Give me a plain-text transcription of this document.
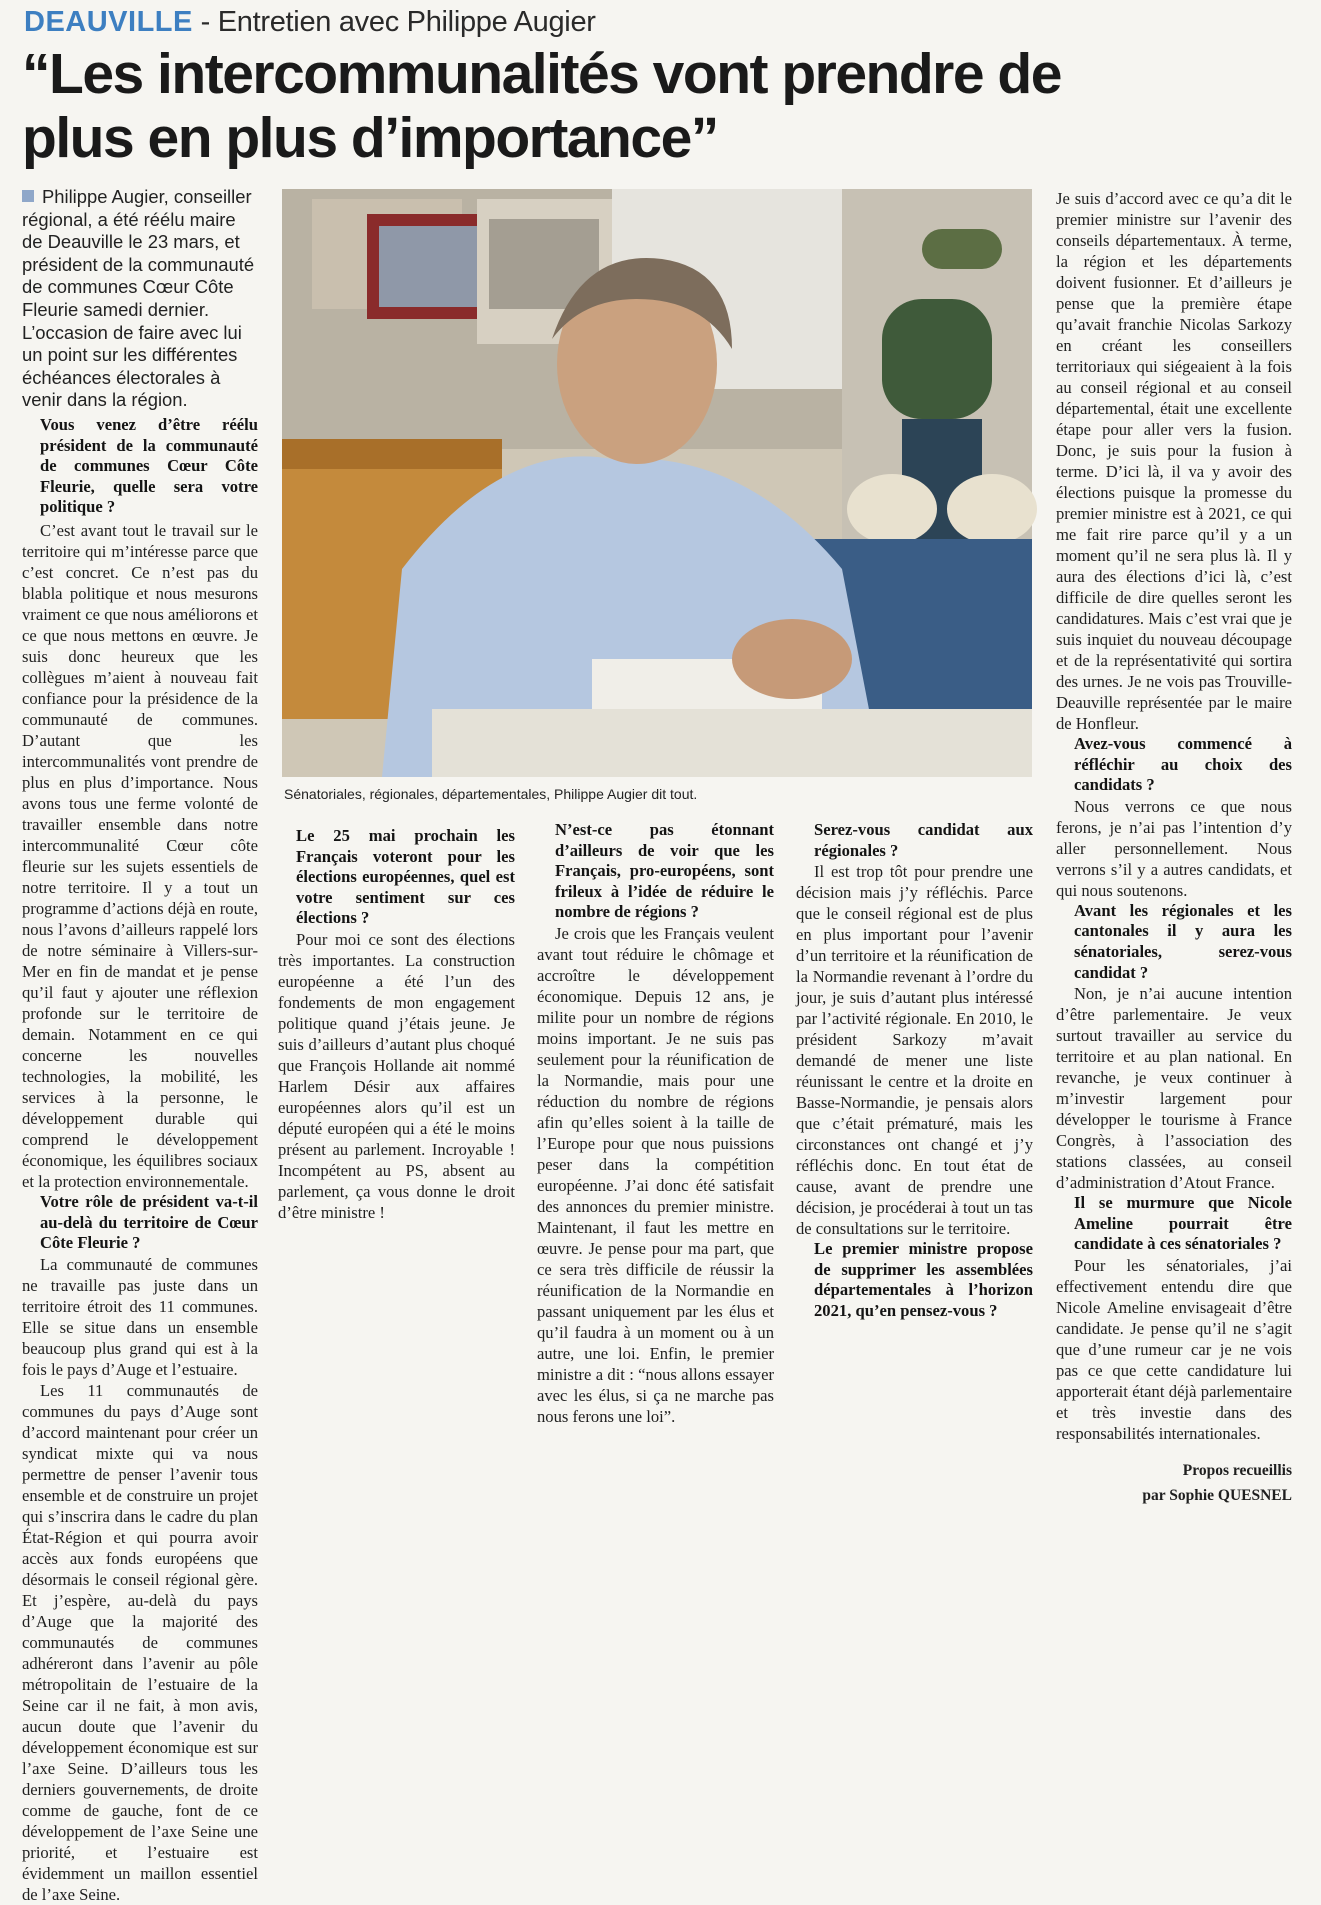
DEAUVILLE - Entretien avec Philippe Augier
“Les intercommunalités vont prendre de plus en plus d’importance”
Sénatoriales, régionales, départementales, Philippe Augier dit tout.

Philippe Augier, conseiller régional, a été réélu maire de Deauville le 23 mars, et président de la communauté de communes Cœur Côte Fleurie samedi dernier. L’occasion de faire avec lui un point sur les différentes échéances électorales à venir dans la région.

Vous venez d’être réélu président de la communauté de communes Cœur Côte Fleurie, quelle sera votre politique ?

C’est avant tout le travail sur le territoire qui m’intéresse parce que c’est concret. Ce n’est pas du blabla politique et nous mesurons vraiment ce que nous améliorons et ce que nous mettons en œuvre. Je suis donc heureux que les collègues m’aient à nouveau fait confiance pour la présidence de la communauté de communes. D’autant que les intercommunalités vont prendre de plus en plus d’importance. Nous avons tous une ferme volonté de travailler ensemble dans notre intercommunalité Cœur côte fleurie sur les sujets essentiels de notre territoire. Il y a tout un programme d’actions déjà en route, nous l’avons d’ailleurs rappelé lors de notre séminaire à Villers-sur-Mer en fin de mandat et je pense qu’il faut y ajouter une réflexion profonde sur le territoire de demain. Notamment en ce qui concerne les nouvelles technologies, la mobilité, les services à la personne, le développement durable qui comprend le développement économique, les équilibres sociaux et la protection environnementale.

Votre rôle de président va-t-il au-delà du territoire de Cœur Côte Fleurie ?

La communauté de communes ne travaille pas juste dans un territoire étroit des 11 communes. Elle se situe dans un ensemble beaucoup plus grand qui est à la fois le pays d’Auge et l’estuaire.

Les 11 communautés de communes du pays d’Auge sont d’accord maintenant pour créer un syndicat mixte qui va nous permettre de penser l’avenir tous ensemble et de construire un projet qui s’inscrira dans le cadre du plan État-Région et qui pourra avoir accès aux fonds européens que désormais le conseil régional gère. Et j’espère, au-delà du pays d’Auge que la majorité des communautés de communes adhéreront dans l’avenir au pôle métropolitain de l’estuaire de la Seine car il ne fait, à mon avis, aucun doute que l’avenir du développement économique est sur l’axe Seine. D’ailleurs tous les derniers gouvernements, de droite comme de gauche, font de ce développement de l’axe Seine une priorité, et l’estuaire est évidemment un maillon essentiel de l’axe Seine.

Le 25 mai prochain les Français voteront pour les élections européennes, quel est votre sentiment sur ces élections ?

Pour moi ce sont des élections très importantes. La construction européenne a été l’un des fondements de mon engagement politique quand j’étais jeune. Je suis d’ailleurs d’autant plus choqué que François Hollande ait nommé Harlem Désir aux affaires européennes alors qu’il est un député européen qui a été le moins présent au parlement. Incroyable ! Incompétent au PS, absent au parlement, ça vous donne le droit d’être ministre !

N’est-ce pas étonnant d’ailleurs de voir que les Français, pro-européens, sont frileux à l’idée de réduire le nombre de régions ?

Je crois que les Français veulent avant tout réduire le chômage et accroître le développement économique. Depuis 12 ans, je milite pour un nombre de régions moins important. Je ne suis pas seulement pour la réunification de la Normandie, mais pour une réduction du nombre de régions afin qu’elles soient à la taille de l’Europe pour que nous puissions peser dans la compétition européenne. J’ai donc été satisfait des annonces du premier ministre. Maintenant, il faut les mettre en œuvre. Je pense pour ma part, que ce sera très difficile de réussir la réunification de la Normandie en passant uniquement par les élus et qu’il faudra à un moment ou à un autre, une loi. Enfin, le premier ministre a dit : “nous allons essayer avec les élus, si ça ne marche pas nous ferons une loi”.

Serez-vous candidat aux régionales ?

Il est trop tôt pour prendre une décision mais j’y réfléchis. Parce que le conseil régional est de plus en plus important pour l’avenir d’un territoire et la réunification de la Normandie revenant à l’ordre du jour, je suis d’autant plus intéressé par l’activité régionale. En 2010, le président Sarkozy m’avait demandé de mener une liste réunissant le centre et la droite en Basse-Normandie, je pensais alors que c’était prématuré, mais les circonstances ont changé et j’y réfléchis donc. En tout état de cause, avant de prendre une décision, je procéderai à tout un tas de consultations sur le territoire.

Le premier ministre propose de supprimer les assemblées départementales à l’horizon 2021, qu’en pensez-vous ?

Je suis d’accord avec ce qu’a dit le premier ministre sur l’avenir des conseils départementaux. À terme, la région et les départements doivent fusionner. Et d’ailleurs je pense que la première étape qu’avait franchie Nicolas Sarkozy en créant les conseillers territoriaux qui siégeaient à la fois au conseil régional et au conseil départemental, était une excellente étape pour aller vers la fusion. Donc, je suis pour la fusion à terme. D’ici là, il va y avoir des élections puisque la promesse du premier ministre est à 2021, ce qui me fait rire parce qu’il y a un moment qu’il ne sera plus là. Il y aura des élections d’ici là, c’est difficile de dire quelles seront les candidatures. Mais c’est vrai que je suis inquiet du nouveau découpage et de la représentativité qui sortira des urnes. Je ne vois pas Trouville-Deauville représentée par le maire de Honfleur.

Avez-vous commencé à réfléchir au choix des candidats ?

Nous verrons ce que nous ferons, je n’ai pas l’intention d’y aller personnellement. Nous verrons s’il y a autres candidats, et qui nous soutenons.

Avant les régionales et les cantonales il y aura les sénatoriales, serez-vous candidat ?

Non, je n’ai aucune intention d’être parlementaire. Je veux surtout travailler au service du territoire et au plan national. En revanche, je veux continuer à m’investir largement pour développer le tourisme à France Congrès, à l’association des stations classées, au conseil d’administration d’Atout France.

Il se murmure que Nicole Ameline pourrait être candidate à ces sénatoriales ?

Pour les sénatoriales, j’ai effectivement entendu dire que Nicole Ameline envisageait d’être candidate. Je pense qu’il ne s’agit que d’une rumeur car je ne vois pas ce que cette candidature lui apporterait étant déjà parlementaire et très investie dans des responsabilités internationales.

Propos recueillis
par Sophie QUESNEL
